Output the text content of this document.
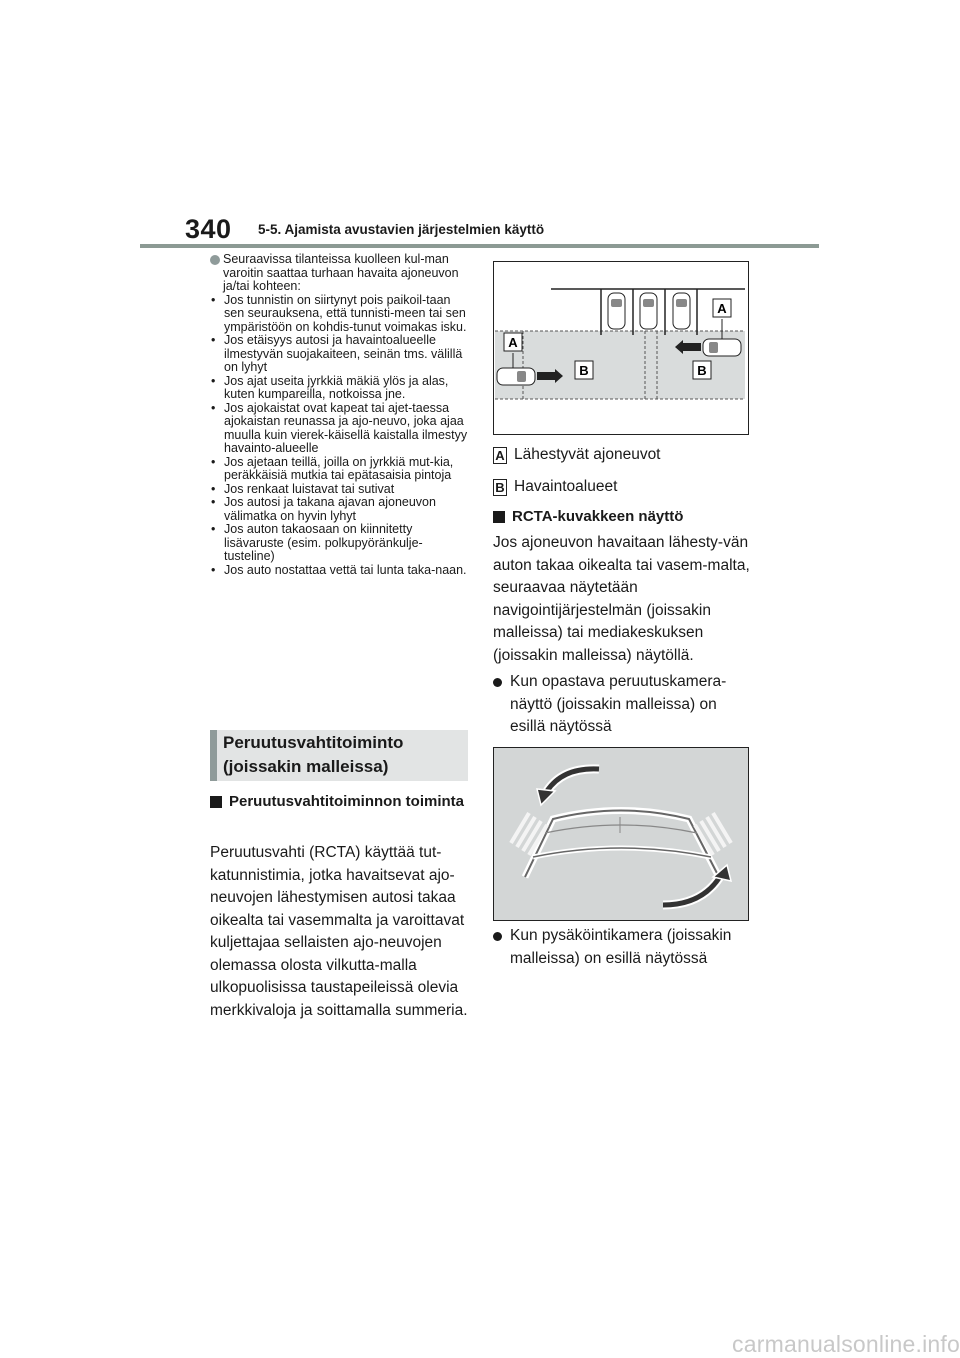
340 5-5. Ajamista avustavien järjestelmien käyttö
Seuraavissa tilanteissa kuolleen kul-man varoitin saattaa turhaan havaita ajoneuvon ja/tai kohteen:
• Jos tunnistin on siirtynyt pois paikoil-taan sen seurauksena, että tunnisti-meen tai sen ympäristöön on kohdis-tunut voimakas isku.
• Jos etäisyys autosi ja havaintoalueelle ilmestyvän suojakaiteen, seinän tms. välillä on lyhyt
• Jos ajat useita jyrkkiä mäkiä ylös ja alas, kuten kumpareilla, notkoissa jne.
• Jos ajokaistat ovat kapeat tai ajet-taessa ajokaistan reunassa ja ajo-neuvo, joka ajaa muulla kuin vierek-käisellä kaistalla ilmestyy havainto-alueelle
• Jos ajetaan teillä, joilla on jyrkkiä mut-kia, peräkkäisiä mutkia tai epätasaisia pintoja
• Jos renkaat luistavat tai sutivat
• Jos autosi ja takana ajavan ajoneuvon välimatka on hyvin lyhyt
• Jos auton takaosaan on kiinnitetty lisävaruste (esim. polkupyöränkulje-tusteline)
• Jos auto nostattaa vettä tai lunta taka-naan.
Peruutusvahtitoiminto (joissakin malleissa)
Peruutusvahtitoiminnon toiminta
Peruutusvahti (RCTA) käyttää tut-katunnistimia, jotka havaitsevat ajo-neuvojen lähestymisen autosi takaa oikealta tai vasemmalta ja varoittavat kuljettajaa sellaisten ajo-neuvojen olemassa olosta vilkutta-malla ulkopuolisissa taustapeileissä olevia merkkivaloja ja soittamalla summeria.
A
A
B	B
A Lähestyvät ajoneuvot
B Havaintoalueet
RCTA-kuvakkeen näyttö
Jos ajoneuvon havaitaan lähesty-vän auton takaa oikealta tai vasem-malta, seuraavaa näytetään navigointijärjestelmän (joissakin malleissa) tai mediakeskuksen (joissakin malleissa) näytöllä.
Kun opastava peruutuskamera-näyttö (joissakin malleissa) on esillä näytössä
Kun pysäköintikamera (joissakin malleissa) on esillä näytössä
carmanualsonline.info
